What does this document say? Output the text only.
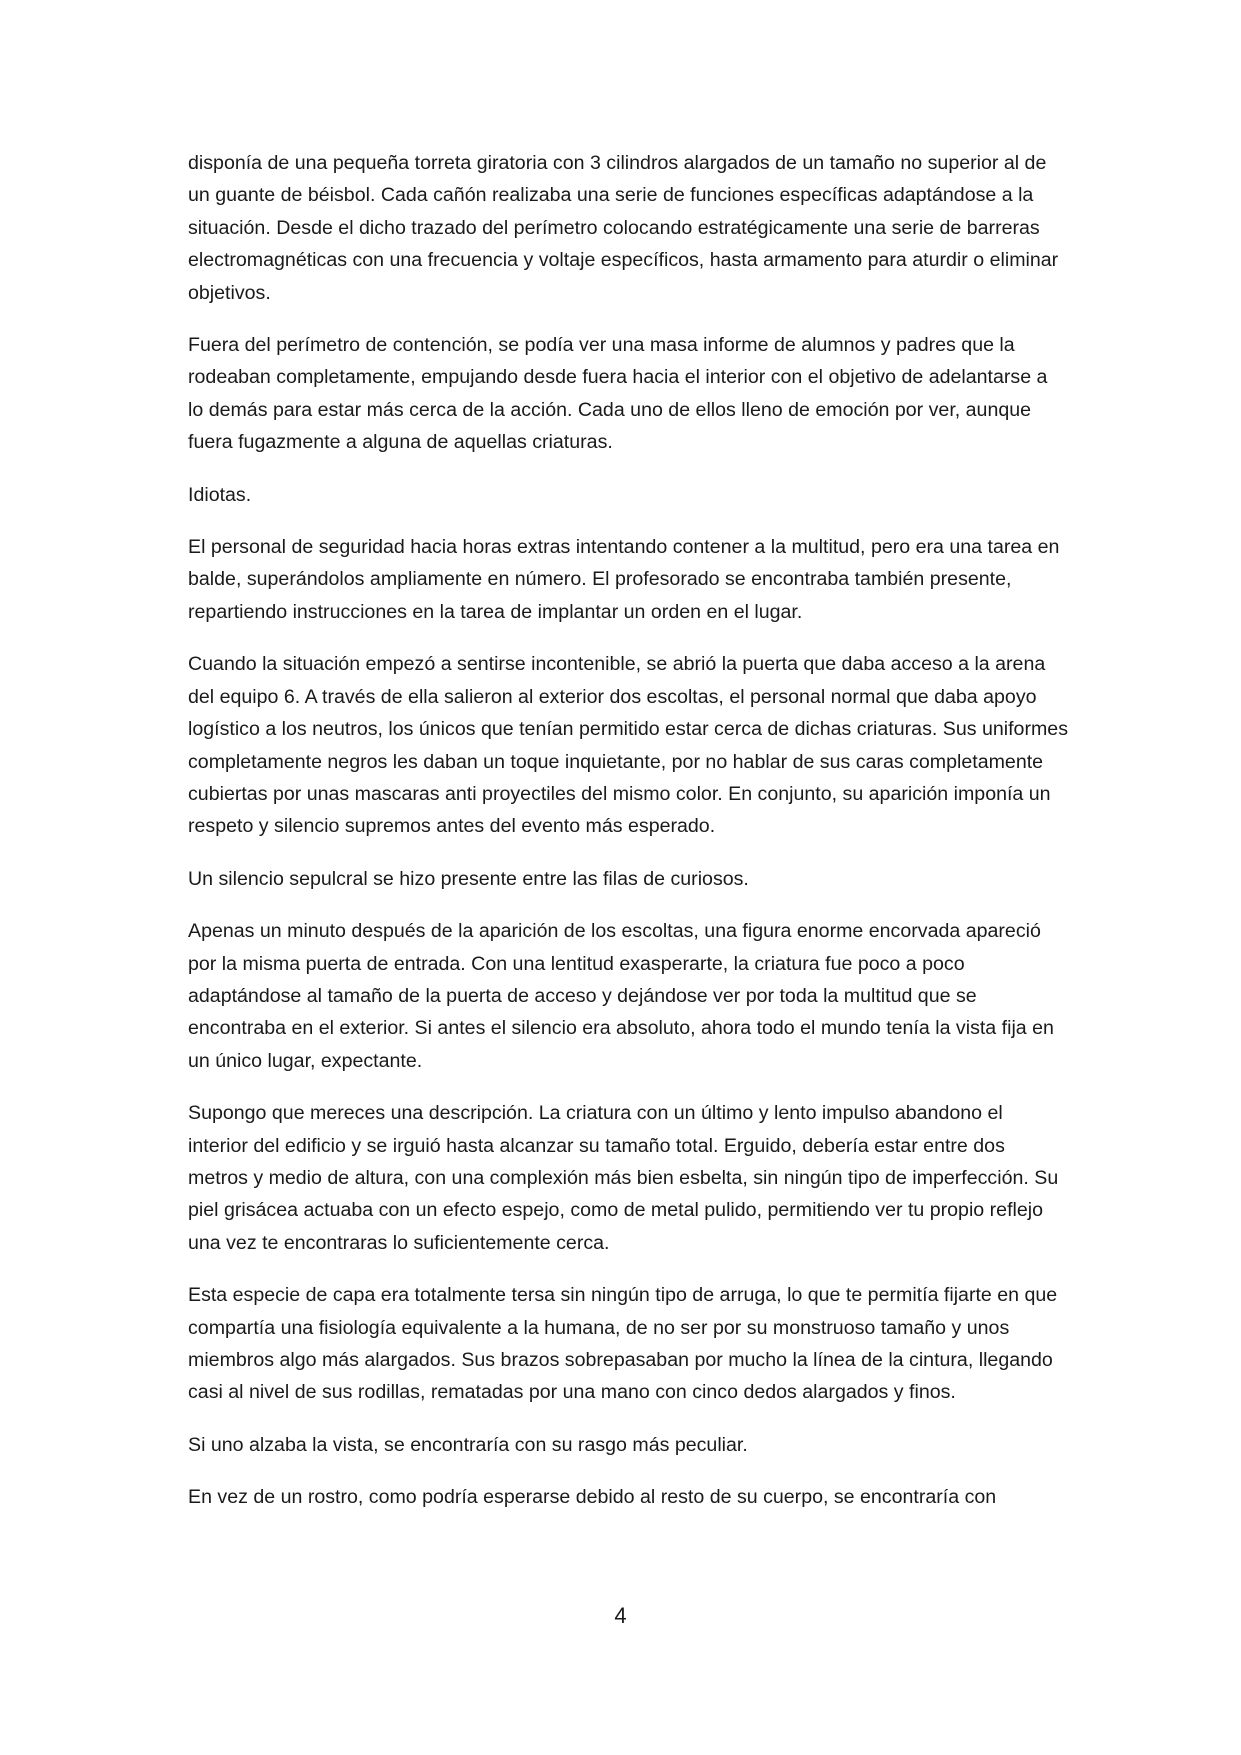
disponía de una pequeña torreta giratoria con 3 cilindros alargados de un tamaño no superior al de un guante de béisbol. Cada cañón realizaba una serie de funciones específicas adaptándose a la situación. Desde el dicho trazado del perímetro colocando estratégicamente una serie de barreras electromagnéticas con una frecuencia y voltaje específicos, hasta armamento para aturdir o eliminar objetivos.

Fuera del perímetro de contención, se podía ver una masa informe de alumnos y padres que la rodeaban completamente, empujando desde fuera hacia el interior con el objetivo de adelantarse a lo demás para estar más cerca de la acción. Cada uno de ellos lleno de emoción por ver, aunque fuera fugazmente a alguna de aquellas criaturas.

Idiotas.

El personal de seguridad hacia horas extras intentando contener a la multitud, pero era una tarea en balde, superándolos ampliamente en número. El profesorado se encontraba también presente, repartiendo instrucciones en la tarea de implantar un orden en el lugar.

Cuando la situación empezó a sentirse incontenible, se abrió la puerta que daba acceso a la arena del equipo 6. A través de ella salieron al exterior dos escoltas, el personal normal que daba apoyo logístico a los neutros, los únicos que tenían permitido estar cerca de dichas criaturas. Sus uniformes completamente negros les daban un toque inquietante, por no hablar de sus caras completamente cubiertas por unas mascaras anti proyectiles del mismo color. En conjunto, su aparición imponía un respeto y silencio supremos antes del evento más esperado.

Un silencio sepulcral se hizo presente entre las filas de curiosos.

Apenas un minuto después de la aparición de los escoltas, una figura enorme encorvada apareció por la misma puerta de entrada. Con una lentitud exasperarte, la criatura fue poco a poco adaptándose al tamaño de la puerta de acceso y dejándose ver por toda la multitud que se encontraba en el exterior. Si antes el silencio era absoluto, ahora todo el mundo tenía la vista fija en un único lugar, expectante.

Supongo que mereces una descripción. La criatura con un último y lento impulso abandono el interior del edificio y se irguió hasta alcanzar su tamaño total. Erguido, debería estar entre dos metros y medio de altura, con una complexión más bien esbelta, sin ningún tipo de imperfección. Su piel grisácea actuaba con un efecto espejo, como de metal pulido, permitiendo ver tu propio reflejo una vez te encontraras lo suficientemente cerca.

Esta especie de capa era totalmente tersa sin ningún tipo de arruga, lo que te permitía fijarte en que compartía una fisiología equivalente a la humana, de no ser por su monstruoso tamaño y unos miembros algo más alargados. Sus brazos sobrepasaban por mucho la línea de la cintura, llegando casi al nivel de sus rodillas, rematadas por una mano con cinco dedos alargados y finos.

Si uno alzaba la vista, se encontraría con su rasgo más peculiar.

En vez de un rostro, como podría esperarse debido al resto de su cuerpo, se encontraría con

4
